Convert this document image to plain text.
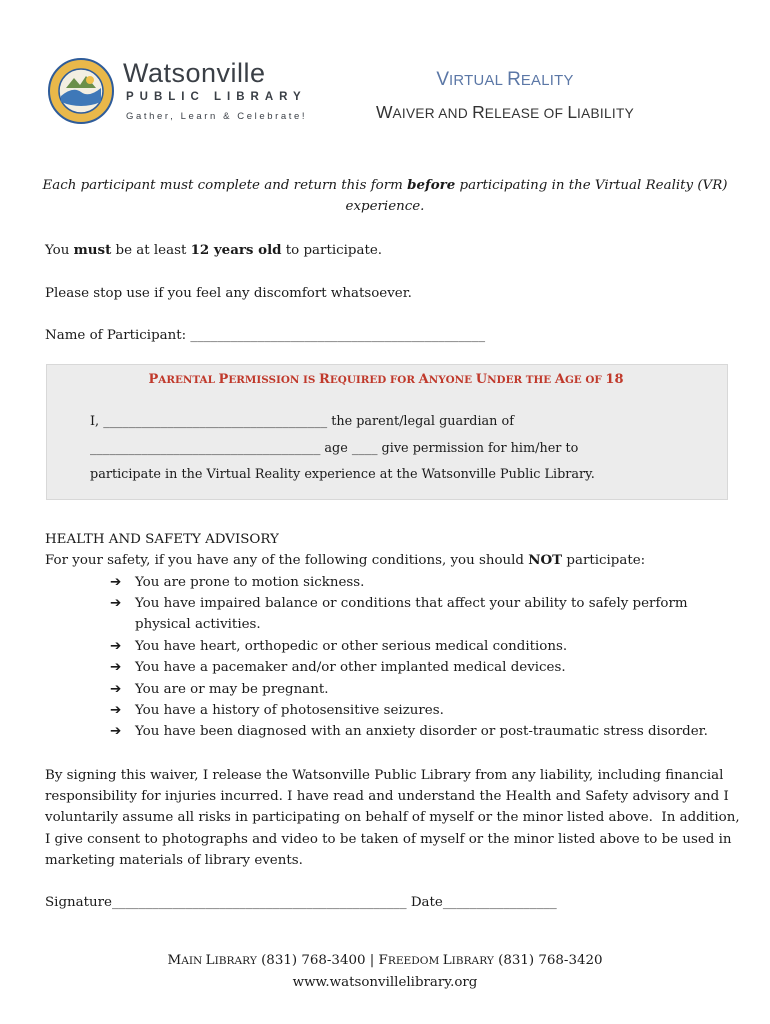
Watsonville
PUBLIC LIBRARY
Gather, Learn & Celebrate!
VIRTUAL REALITY
WAIVER AND RELEASE OF LIABILITY
Each participant must complete and return this form before participating in the Virtual Reality (VR) experience.
You must be at least 12 years old to participate.
Please stop use if you feel any discomfort whatsoever.
Name of Participant: ____________________________________________
PARENTAL PERMISSION IS REQUIRED FOR ANYONE UNDER THE AGE OF 18
I, ___________________________________ the parent/legal guardian of
____________________________________ age ____ give permission for him/her to
participate in the Virtual Reality experience at the Watsonville Public Library.
HEALTH AND SAFETY ADVISORY
For your safety, if you have any of the following conditions, you should NOT participate:
➔ You are prone to motion sickness.
➔ You have impaired balance or conditions that affect your ability to safely perform
physical activities.
➔ You have heart, orthopedic or other serious medical conditions.
➔ You have a pacemaker and/or other implanted medical devices.
➔ You are or may be pregnant.
➔ You have a history of photosensitive seizures.
➔ You have been diagnosed with an anxiety disorder or post-traumatic stress disorder.
By signing this waiver, I release the Watsonville Public Library from any liability, including financial
responsibility for injuries incurred. I have read and understand the Health and Safety advisory and I
voluntarily assume all risks in participating on behalf of myself or the minor listed above.  In addition,
I give consent to photographs and video to be taken of myself or the minor listed above to be used in
marketing materials of library events.
Signature____________________________________________ Date_________________
MAIN LIBRARY (831) 768-3400 | FREEDOM LIBRARY (831) 768-3420
www.watsonvillelibrary.org
